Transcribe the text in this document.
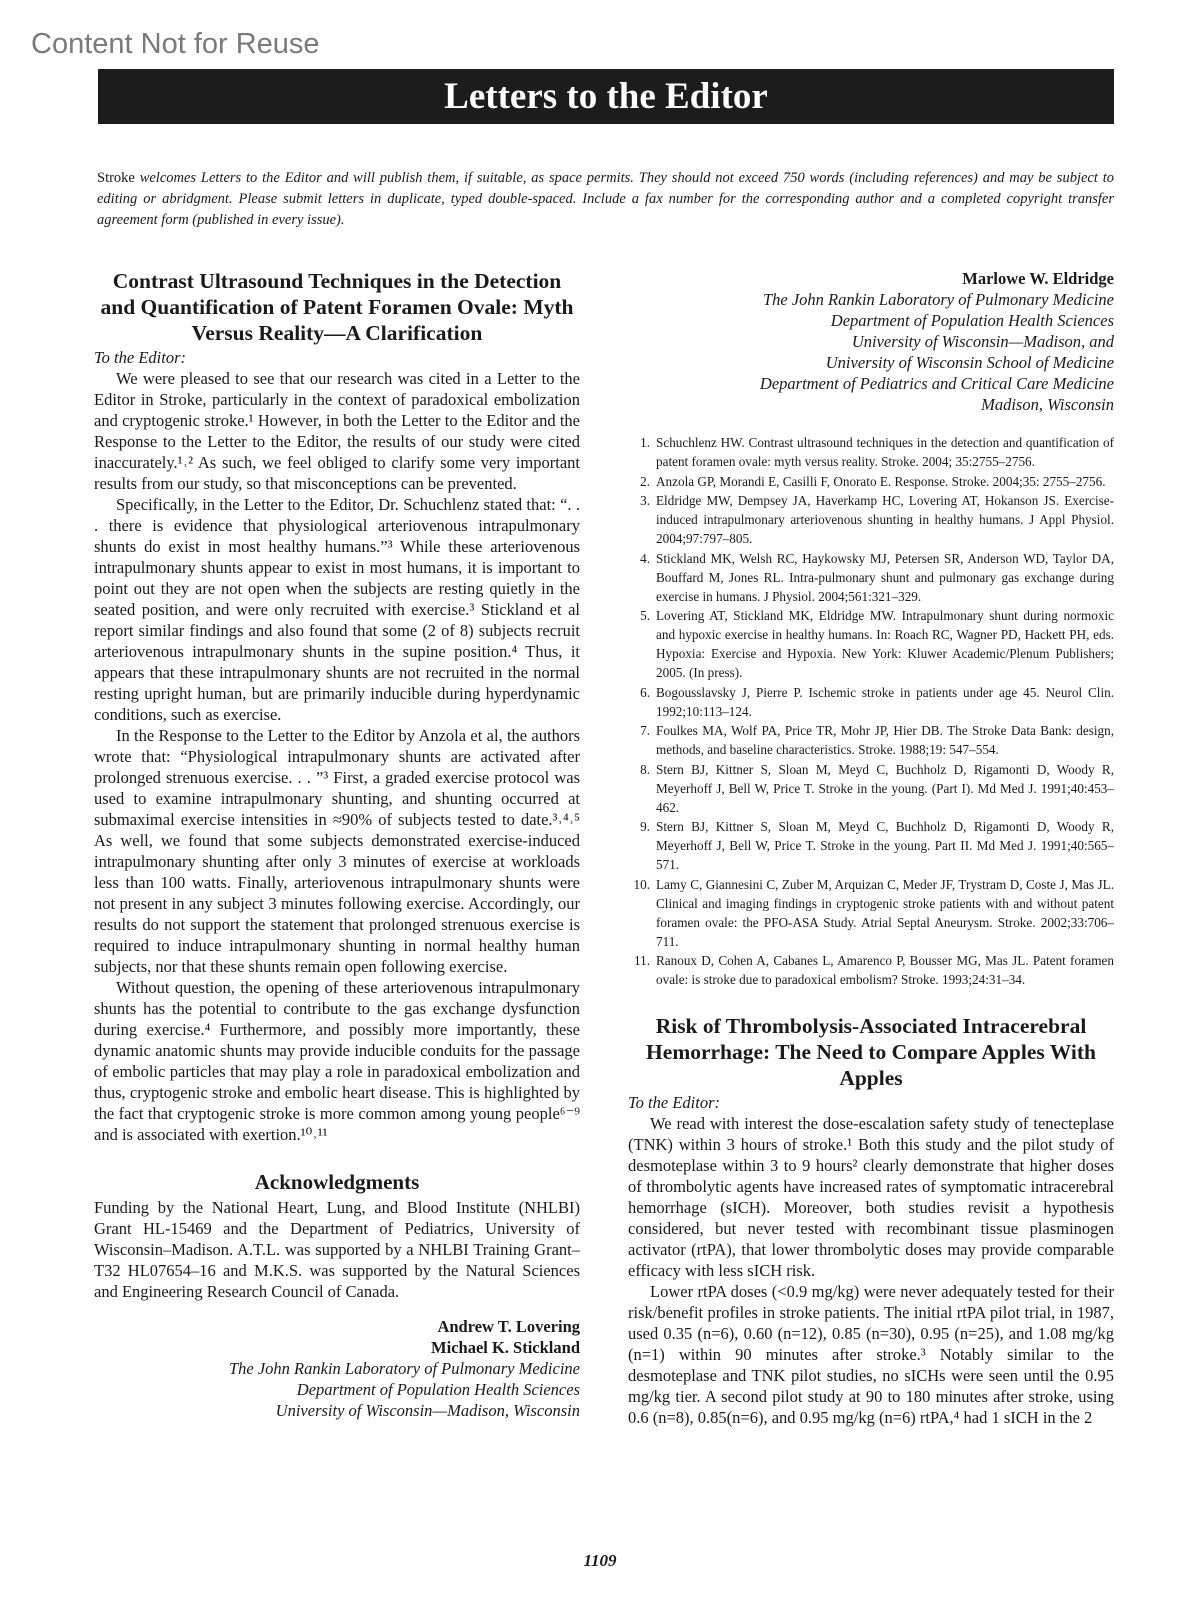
Content Not for Reuse
Letters to the Editor
Stroke welcomes Letters to the Editor and will publish them, if suitable, as space permits. They should not exceed 750 words (including references) and may be subject to editing or abridgment. Please submit letters in duplicate, typed double-spaced. Include a fax number for the corresponding author and a completed copyright transfer agreement form (published in every issue).
Contrast Ultrasound Techniques in the Detection and Quantification of Patent Foramen Ovale: Myth Versus Reality—A Clarification
To the Editor:

We were pleased to see that our research was cited in a Letter to the Editor in Stroke, particularly in the context of paradoxical embolization and cryptogenic stroke.¹ However, in both the Letter to the Editor and the Response to the Letter to the Editor, the results of our study were cited inaccurately.¹˒² As such, we feel obliged to clarify some very important results from our study, so that misconceptions can be prevented.

Specifically, in the Letter to the Editor, Dr. Schuchlenz stated that: “. . . there is evidence that physiological arteriovenous intrapulmonary shunts do exist in most healthy humans.”³ While these arteriovenous intrapulmonary shunts appear to exist in most humans, it is important to point out they are not open when the subjects are resting quietly in the seated position, and were only recruited with exercise.³ Stickland et al report similar findings and also found that some (2 of 8) subjects recruit arteriovenous intrapulmonary shunts in the supine position.⁴ Thus, it appears that these intrapulmonary shunts are not recruited in the normal resting upright human, but are primarily inducible during hyperdynamic conditions, such as exercise.

In the Response to the Letter to the Editor by Anzola et al, the authors wrote that: “Physiological intrapulmonary shunts are activated after prolonged strenuous exercise. . . ”³ First, a graded exercise protocol was used to examine intrapulmonary shunting, and shunting occurred at submaximal exercise intensities in ≈90% of subjects tested to date.³˒⁴˒⁵ As well, we found that some subjects demonstrated exercise-induced intrapulmonary shunting after only 3 minutes of exercise at workloads less than 100 watts. Finally, arteriovenous intrapulmonary shunts were not present in any subject 3 minutes following exercise. Accordingly, our results do not support the statement that prolonged strenuous exercise is required to induce intrapulmonary shunting in normal healthy human subjects, nor that these shunts remain open following exercise.

Without question, the opening of these arteriovenous intrapulmonary shunts has the potential to contribute to the gas exchange dysfunction during exercise.⁴ Furthermore, and possibly more importantly, these dynamic anatomic shunts may provide inducible conduits for the passage of embolic particles that may play a role in paradoxical embolization and thus, cryptogenic stroke and embolic heart disease. This is highlighted by the fact that cryptogenic stroke is more common among young people⁶⁻⁹ and is associated with exertion.¹⁰˒¹¹

Acknowledgments

Funding by the National Heart, Lung, and Blood Institute (NHLBI) Grant HL-15469 and the Department of Pediatrics, University of Wisconsin–Madison. A.T.L. was supported by a NHLBI Training Grant–T32 HL07654–16 and M.K.S. was supported by the Natural Sciences and Engineering Research Council of Canada.

Andrew T. Lovering
Michael K. Stickland
The John Rankin Laboratory of Pulmonary Medicine
Department of Population Health Sciences
University of Wisconsin—Madison, Wisconsin
Marlowe W. Eldridge
The John Rankin Laboratory of Pulmonary Medicine
Department of Population Health Sciences
University of Wisconsin—Madison, and
University of Wisconsin School of Medicine
Department of Pediatrics and Critical Care Medicine
Madison, Wisconsin
1. Schuchlenz HW. Contrast ultrasound techniques in the detection and quantification of patent foramen ovale: myth versus reality. Stroke. 2004; 35:2755–2756.
2. Anzola GP, Morandi E, Casilli F, Onorato E. Response. Stroke. 2004;35: 2755–2756.
3. Eldridge MW, Dempsey JA, Haverkamp HC, Lovering AT, Hokanson JS. Exercise-induced intrapulmonary arteriovenous shunting in healthy humans. J Appl Physiol. 2004;97:797–805.
4. Stickland MK, Welsh RC, Haykowsky MJ, Petersen SR, Anderson WD, Taylor DA, Bouffard M, Jones RL. Intra-pulmonary shunt and pulmonary gas exchange during exercise in humans. J Physiol. 2004;561:321–329.
5. Lovering AT, Stickland MK, Eldridge MW. Intrapulmonary shunt during normoxic and hypoxic exercise in healthy humans. In: Roach RC, Wagner PD, Hackett PH, eds. Hypoxia: Exercise and Hypoxia. New York: Kluwer Academic/Plenum Publishers; 2005. (In press).
6. Bogousslavsky J, Pierre P. Ischemic stroke in patients under age 45. Neurol Clin. 1992;10:113–124.
7. Foulkes MA, Wolf PA, Price TR, Mohr JP, Hier DB. The Stroke Data Bank: design, methods, and baseline characteristics. Stroke. 1988;19: 547–554.
8. Stern BJ, Kittner S, Sloan M, Meyd C, Buchholz D, Rigamonti D, Woody R, Meyerhoff J, Bell W, Price T. Stroke in the young. (Part I). Md Med J. 1991;40:453–462.
9. Stern BJ, Kittner S, Sloan M, Meyd C, Buchholz D, Rigamonti D, Woody R, Meyerhoff J, Bell W, Price T. Stroke in the young. Part II. Md Med J. 1991;40:565–571.
10. Lamy C, Giannesini C, Zuber M, Arquizan C, Meder JF, Trystram D, Coste J, Mas JL. Clinical and imaging findings in cryptogenic stroke patients with and without patent foramen ovale: the PFO-ASA Study. Atrial Septal Aneurysm. Stroke. 2002;33:706–711.
11. Ranoux D, Cohen A, Cabanes L, Amarenco P, Bousser MG, Mas JL. Patent foramen ovale: is stroke due to paradoxical embolism? Stroke. 1993;24:31–34.
Risk of Thrombolysis-Associated Intracerebral Hemorrhage: The Need to Compare Apples With Apples
To the Editor:

We read with interest the dose-escalation safety study of tenecteplase (TNK) within 3 hours of stroke.¹ Both this study and the pilot study of desmoteplase within 3 to 9 hours² clearly demonstrate that higher doses of thrombolytic agents have increased rates of symptomatic intracerebral hemorrhage (sICH). Moreover, both studies revisit a hypothesis considered, but never tested with recombinant tissue plasminogen activator (rtPA), that lower thrombolytic doses may provide comparable efficacy with less sICH risk.

Lower rtPA doses (<0.9 mg/kg) were never adequately tested for their risk/benefit profiles in stroke patients. The initial rtPA pilot trial, in 1987, used 0.35 (n=6), 0.60 (n=12), 0.85 (n=30), 0.95 (n=25), and 1.08 mg/kg (n=1) within 90 minutes after stroke.³ Notably similar to the desmoteplase and TNK pilot studies, no sICHs were seen until the 0.95 mg/kg tier. A second pilot study at 90 to 180 minutes after stroke, using 0.6 (n=8), 0.85(n=6), and 0.95 mg/kg (n=6) rtPA,⁴ had 1 sICH in the 2

1109
